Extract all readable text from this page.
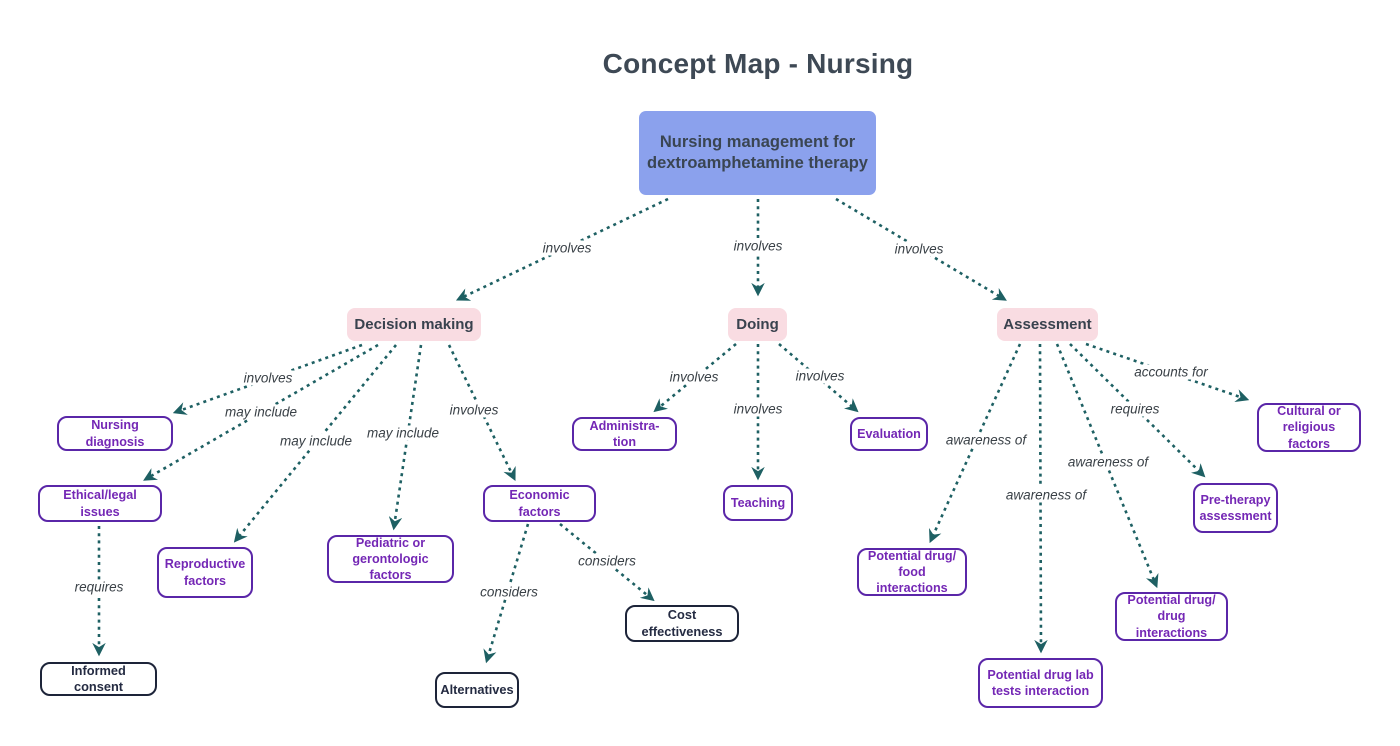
Concept Map - Nursing
involves	involves	involves
involves
may include
may include
may include
involves
involves
involves
involves
awareness of
awareness of
awareness of
requires
accounts for
requires	considers
considers
Nursing management for dextroamphetamine therapy
Decision making	Doing	Assessment
Nursing diagnosis
Ethical/legal issues
Reproductive factors
Pediatric or gerontologic factors
Economic factors
Administra-tion
Teaching
Evaluation
Cultural or religious factors
Pre-therapy assessment
Potential drug/ food interactions
Potential drug/ drug interactions
Potential drug lab tests interaction
Informed consent	Alternatives
Cost effectiveness
